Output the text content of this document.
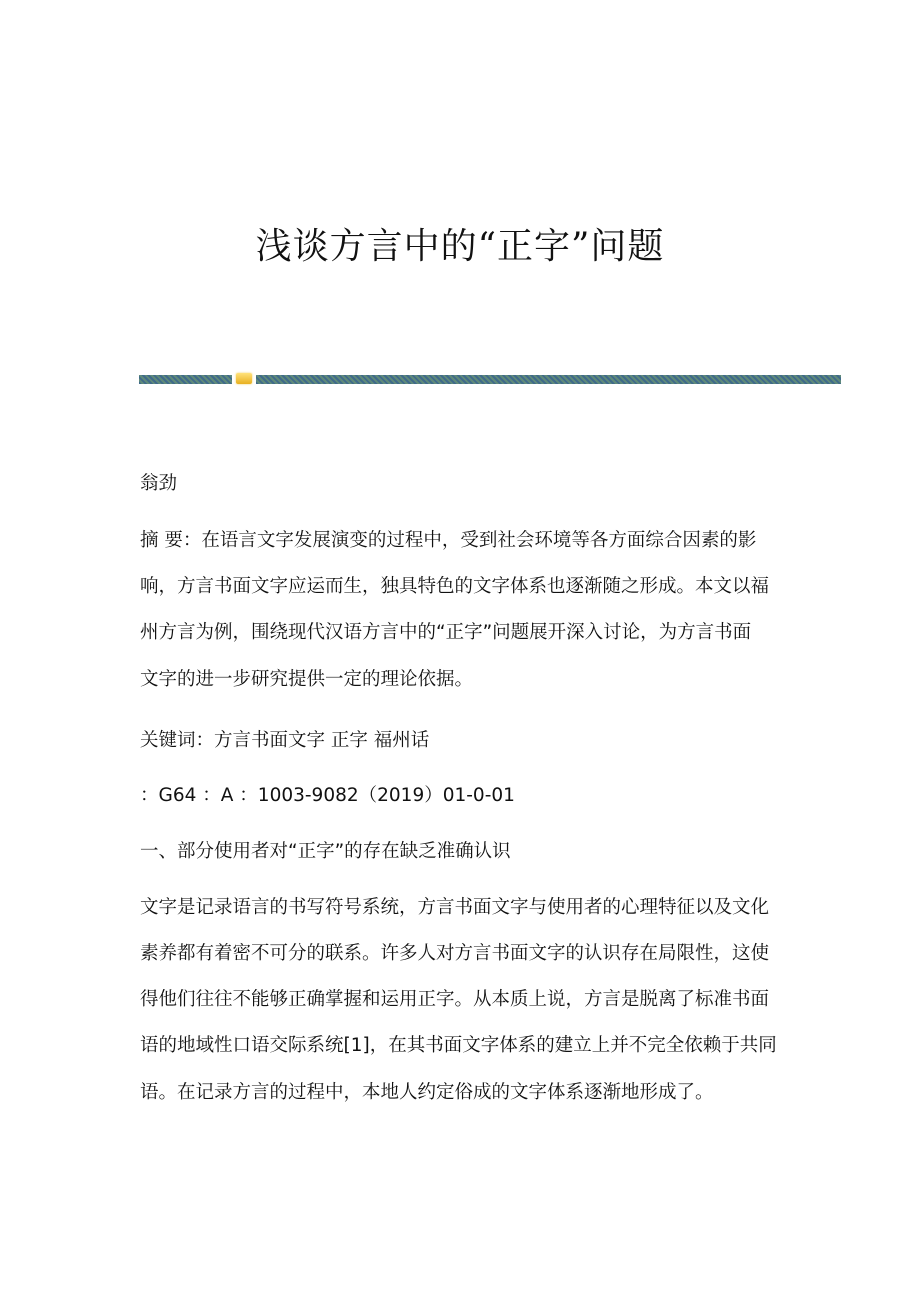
浅谈方言中的“正字”问题
翁劲
摘 要：在语言文字发展演变的过程中，受到社会环境等各方面综合因素的影
响，方言书面文字应运而生，独具特色的文字体系也逐渐随之形成。本文以福
州方言为例，围绕现代汉语方言中的“正字”问题展开深入讨论，为方言书面
文字的进一步研究提供一定的理论依据。
关键词：方言书面文字 正字 福州话
：G64 ：A ：1003-9082（2019）01-0-01
一、部分使用者对“正字”的存在缺乏准确认识
文字是记录语言的书写符号系统，方言书面文字与使用者的心理特征以及文化
素养都有着密不可分的联系。许多人对方言书面文字的认识存在局限性，这使
得他们往往不能够正确掌握和运用正字。从本质上说，方言是脱离了标准书面
语的地域性口语交际系统[1]，在其书面文字体系的建立上并不完全依赖于共同
语。在记录方言的过程中，本地人约定俗成的文字体系逐渐地形成了。
